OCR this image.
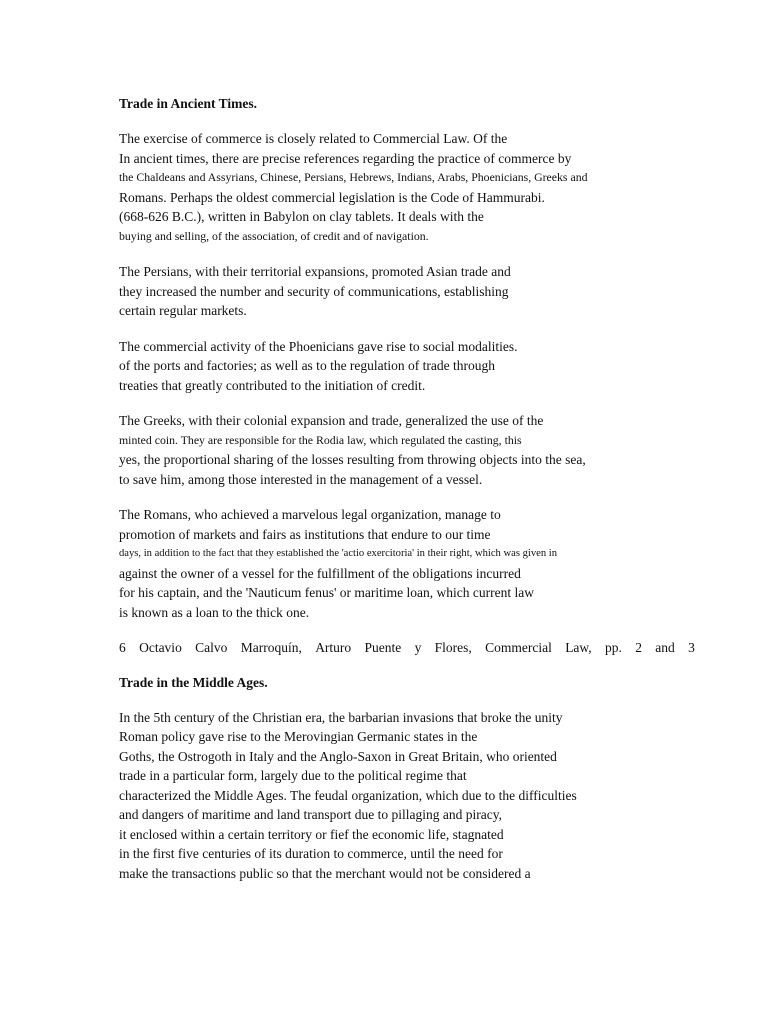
Trade in Ancient Times.
The exercise of commerce is closely related to Commercial Law. Of the
In ancient times, there are precise references regarding the practice of commerce by
the Chaldeans and Assyrians, Chinese, Persians, Hebrews, Indians, Arabs, Phoenicians, Greeks and
Romans. Perhaps the oldest commercial legislation is the Code of Hammurabi.
(668-626 B.C.), written in Babylon on clay tablets. It deals with the
buying and selling, of the association, of credit and of navigation.
The Persians, with their territorial expansions, promoted Asian trade and
they increased the number and security of communications, establishing
certain regular markets.
The commercial activity of the Phoenicians gave rise to social modalities.
of the ports and factories; as well as to the regulation of trade through
treaties that greatly contributed to the initiation of credit.
The Greeks, with their colonial expansion and trade, generalized the use of the
minted coin. They are responsible for the Rodia law, which regulated the casting, this
yes, the proportional sharing of the losses resulting from throwing objects into the sea,
to save him, among those interested in the management of a vessel.
The Romans, who achieved a marvelous legal organization, manage to
promotion of markets and fairs as institutions that endure to our time
days, in addition to the fact that they established the 'actio exercitoria' in their right, which was given in
against the owner of a vessel for the fulfillment of the obligations incurred
for his captain, and the 'Nauticum fenus' or maritime loan, which current law
is known as a loan to the thick one.
6 Octavio Calvo Marroquín, Arturo Puente y Flores, Commercial Law, pp. 2 and 3
Trade in the Middle Ages.
In the 5th century of the Christian era, the barbarian invasions that broke the unity
Roman policy gave rise to the Merovingian Germanic states in the
Goths, the Ostrogoth in Italy and the Anglo-Saxon in Great Britain, who oriented
trade in a particular form, largely due to the political regime that
characterized the Middle Ages. The feudal organization, which due to the difficulties
and dangers of maritime and land transport due to pillaging and piracy,
it enclosed within a certain territory or fief the economic life, stagnated
in the first five centuries of its duration to commerce, until the need for
make the transactions public so that the merchant would not be considered a
